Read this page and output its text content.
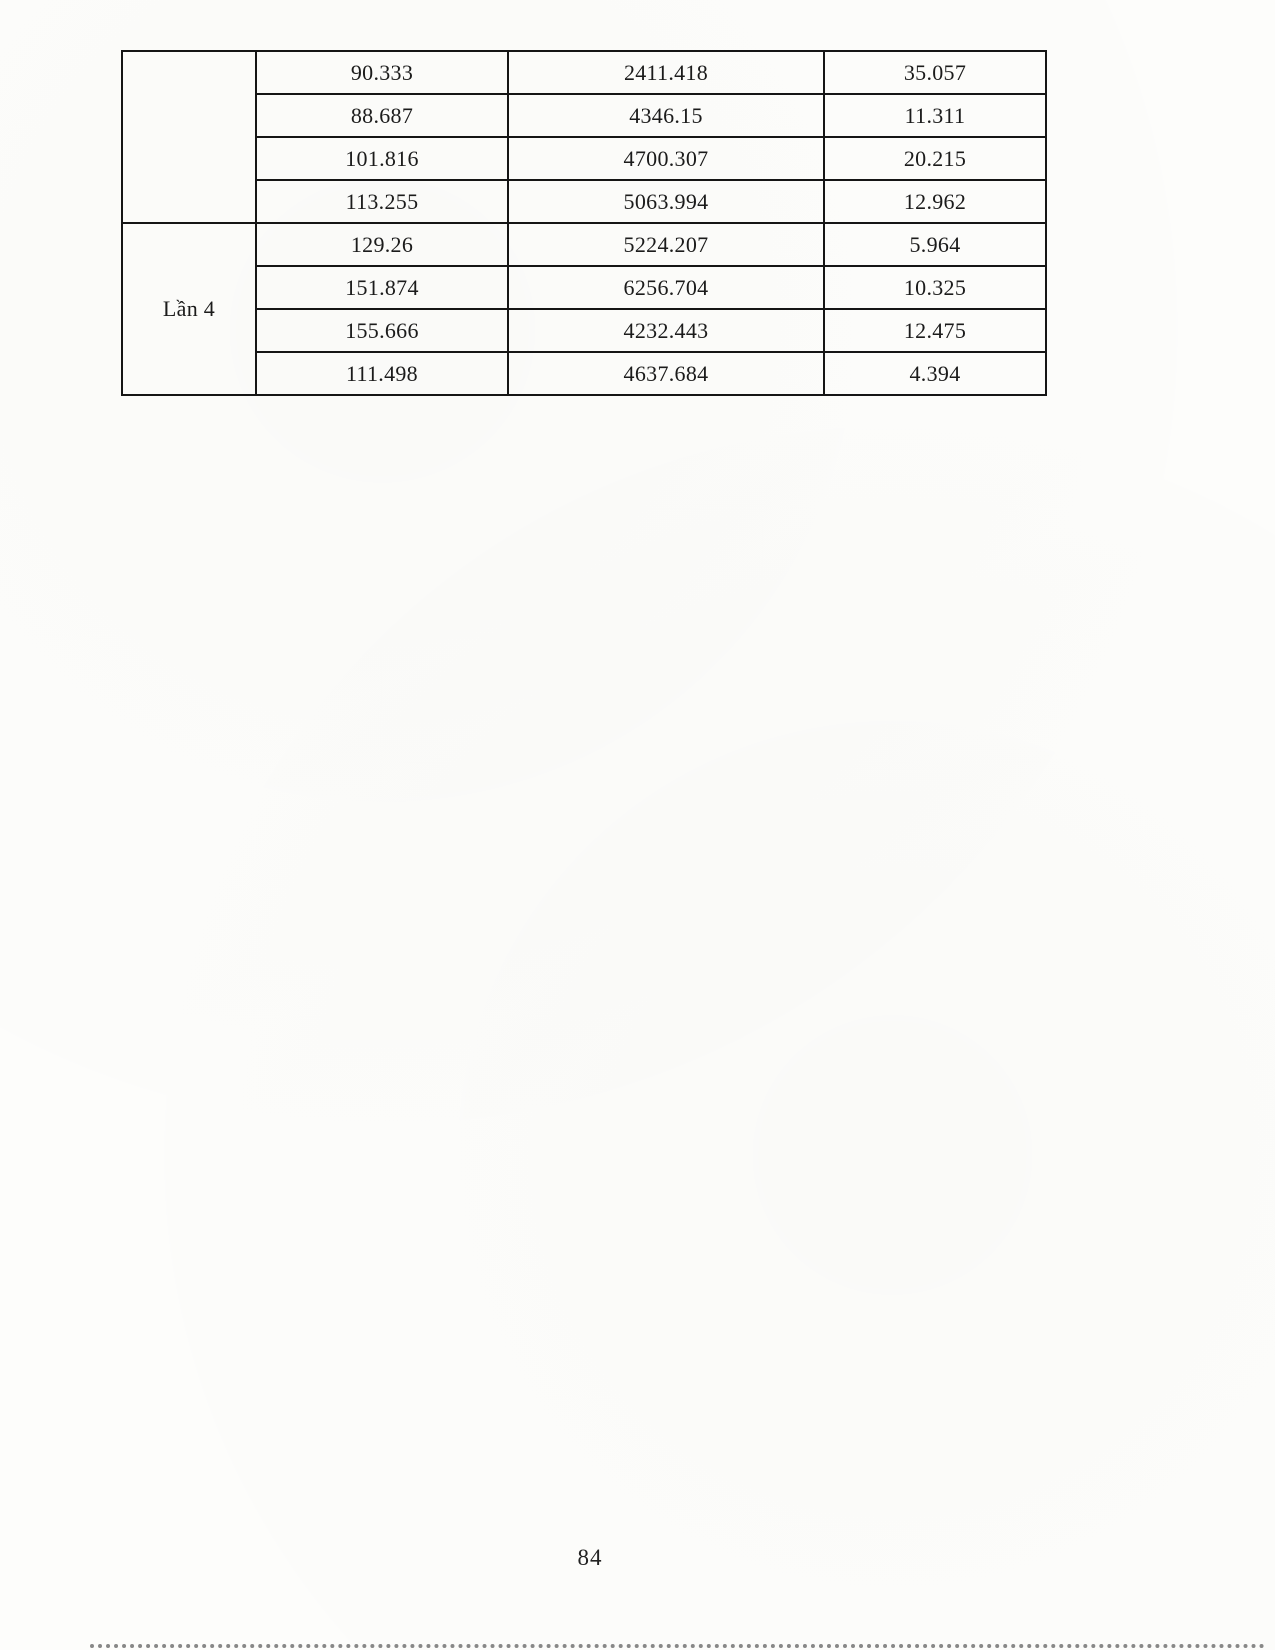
	90.333	2411.418	35.057
	88.687	4346.15	11.311
	101.816	4700.307	20.215
	113.255	5063.994	12.962
Lần 4	129.26	5224.207	5.964
	151.874	6256.704	10.325
	155.666	4232.443	12.475
	111.498	4637.684	4.394
84
